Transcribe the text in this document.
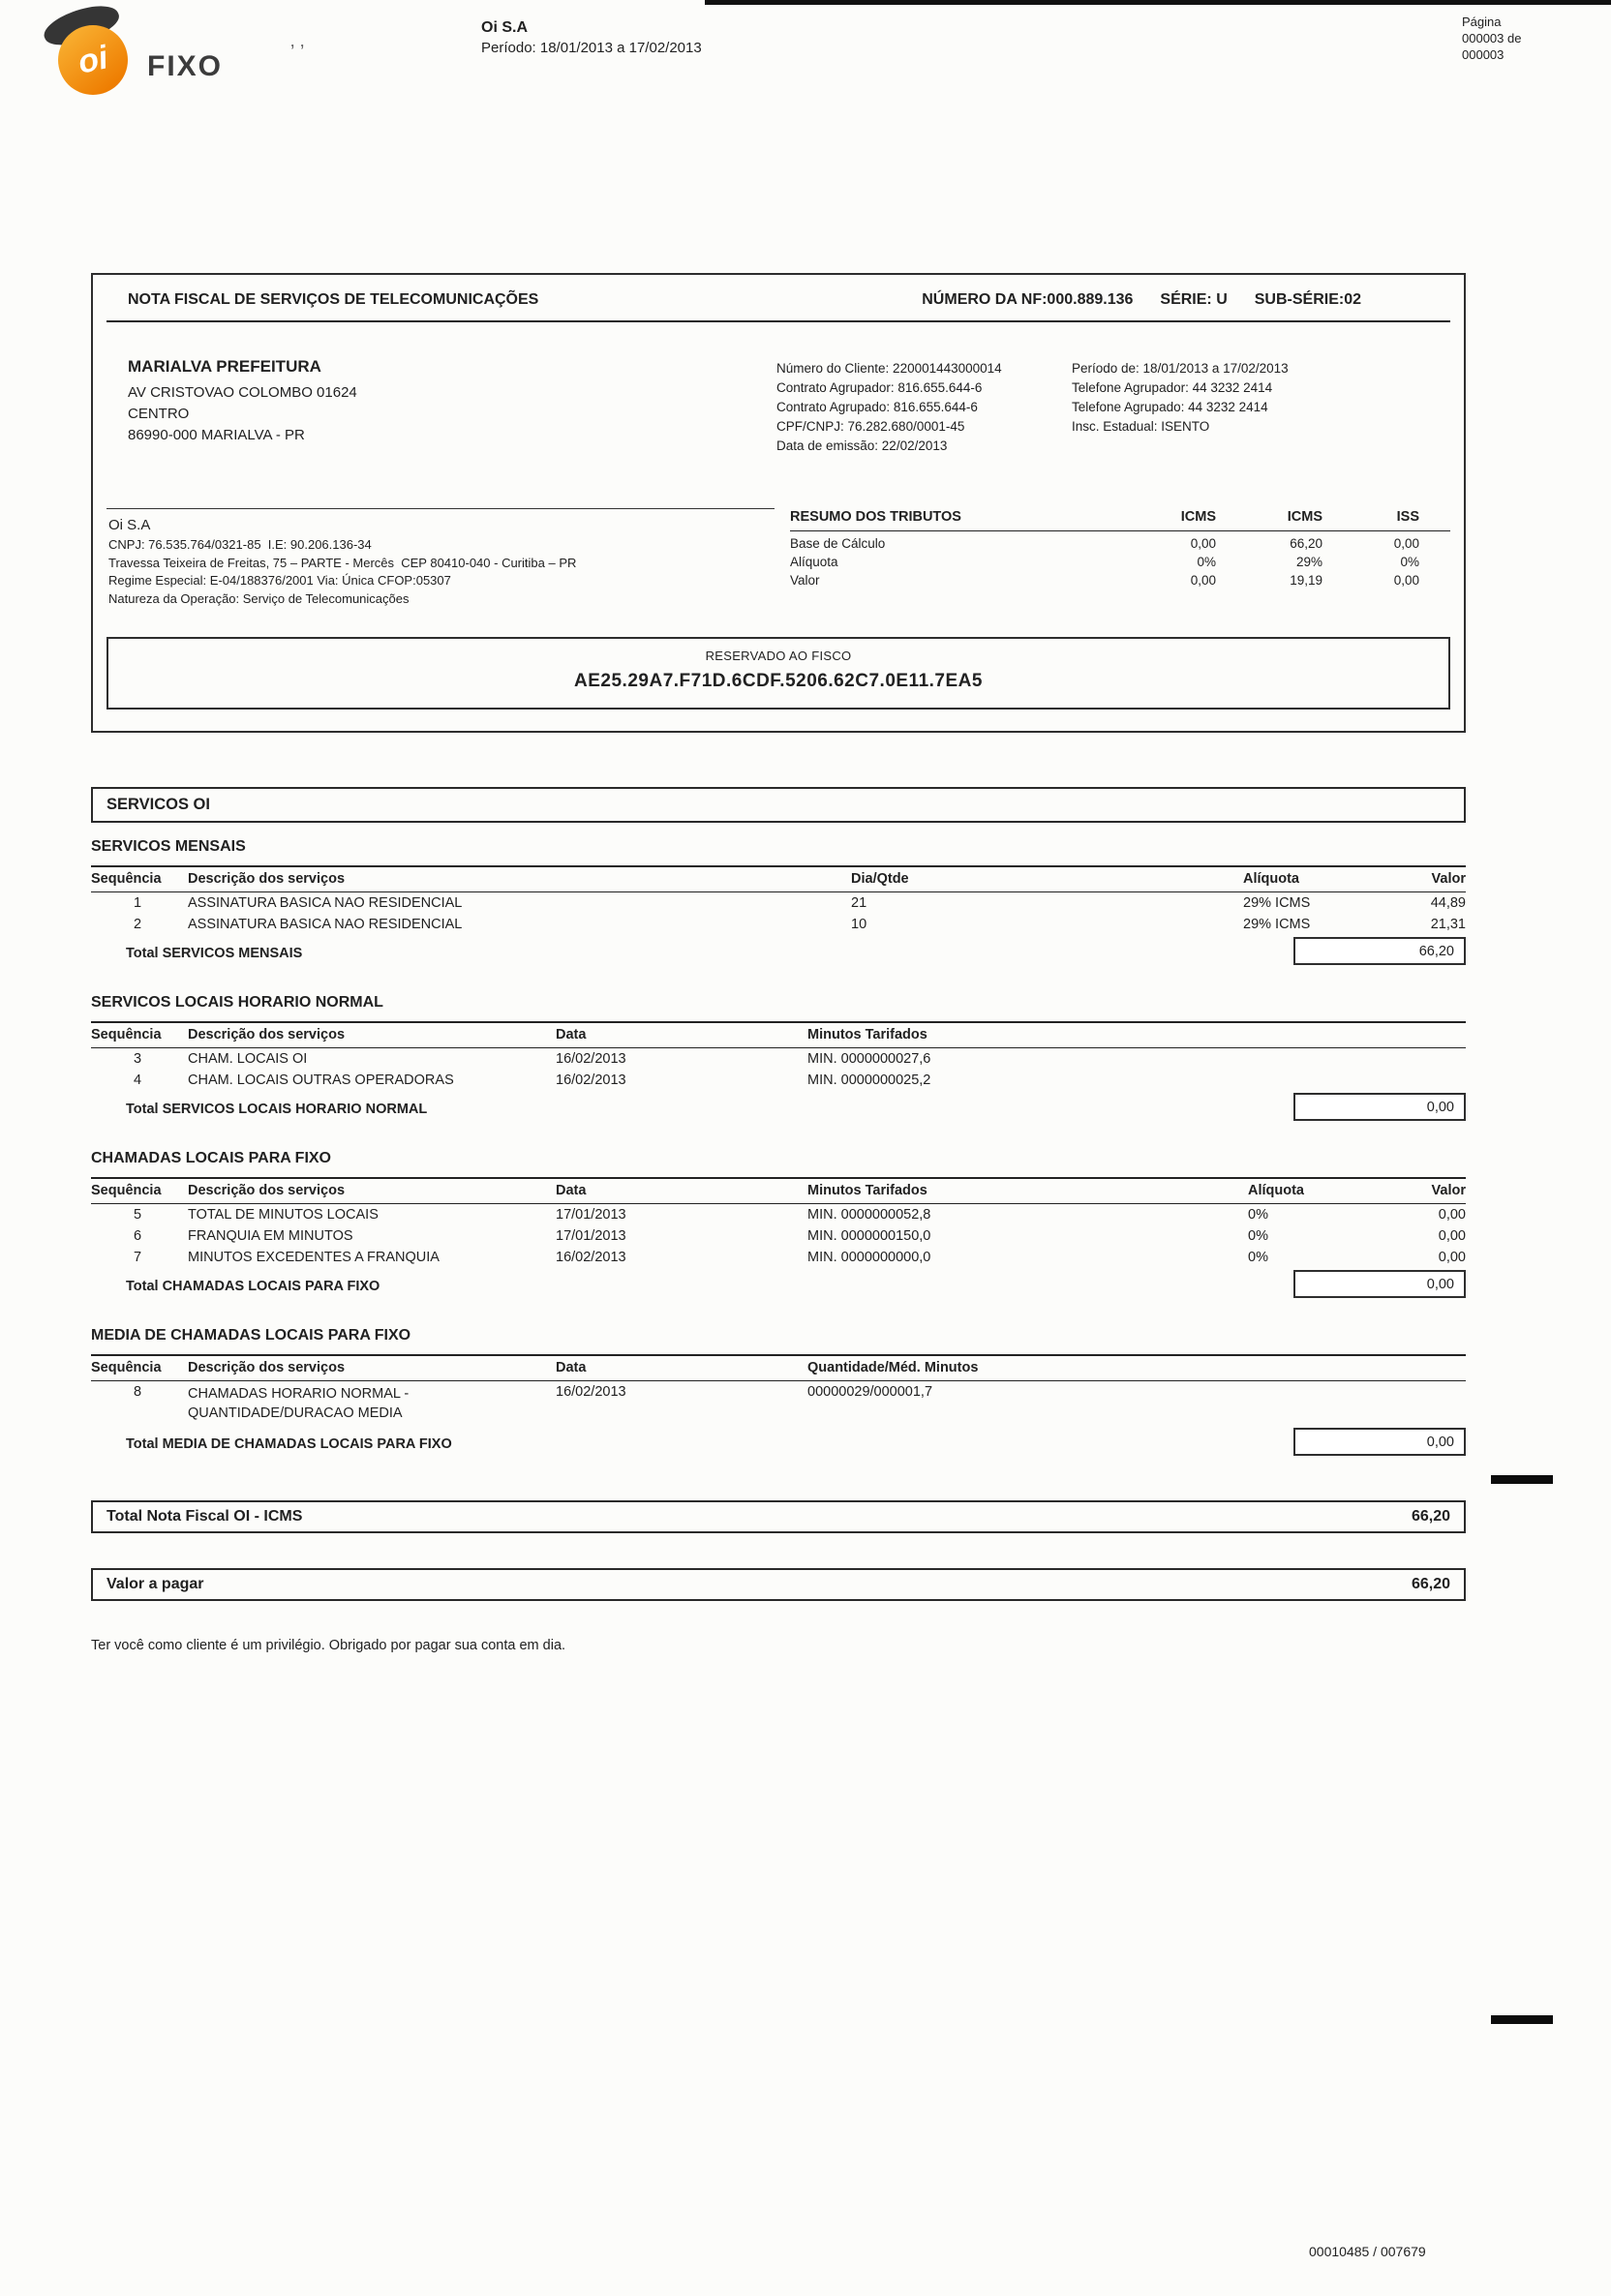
oi FIXO	ʼ ʼ
Oi S.A
Período: 18/01/2013 a 17/02/2013
Página
000003 de
000003
NOTA FISCAL DE SERVIÇOS DE TELECOMUNICAÇÕES	NÚMERO DA NF:000.889.136 SÉRIE: U SUB-SÉRIE:02
MARIALVA PREFEITURA
AV CRISTOVAO COLOMBO 01624
CENTRO
86990-000 MARIALVA - PR
Número do Cliente: 220001443000014
Contrato Agrupador: 816.655.644-6
Contrato Agrupado: 816.655.644-6
CPF/CNPJ: 76.282.680/0001-45
Data de emissão: 22/02/2013
Período de: 18/01/2013 a 17/02/2013
Telefone Agrupador: 44 3232 2414
Telefone Agrupado: 44 3232 2414
Insc. Estadual: ISENTO
Oi S.A
CNPJ: 76.535.764/0321-85  I.E: 90.206.136-34
Travessa Teixeira de Freitas, 75 – PARTE - Mercês  CEP 80410-040 - Curitiba – PR
Regime Especial: E-04/188376/2001 Via: Única CFOP:05307
Natureza da Operação: Serviço de Telecomunicações
RESUMO DOS TRIBUTOS	ICMS	ICMS	ISS
Base de Cálculo	0,00	66,20	0,00
Alíquota	0%	29%	0%
Valor	0,00	19,19	0,00
RESERVADO AO FISCO
AE25.29A7.F71D.6CDF.5206.62C7.0E11.7EA5
SERVICOS OI
SERVICOS MENSAIS
Sequência	Descrição dos serviços	Dia/Qtde	Alíquota	Valor
1	ASSINATURA BASICA NAO RESIDENCIAL	21	29% ICMS	44,89
2	ASSINATURA BASICA NAO RESIDENCIAL	10	29% ICMS	21,31
Total SERVICOS MENSAIS	66,20
SERVICOS LOCAIS HORARIO NORMAL
Sequência	Descrição dos serviços	Data	Minutos Tarifados
3	CHAM. LOCAIS OI	16/02/2013	MIN. 0000000027,6
4	CHAM. LOCAIS OUTRAS OPERADORAS	16/02/2013	MIN. 0000000025,2
Total SERVICOS LOCAIS HORARIO NORMAL	0,00
CHAMADAS LOCAIS PARA FIXO
Sequência	Descrição dos serviços	Data	Minutos Tarifados	Alíquota	Valor
5	TOTAL DE MINUTOS LOCAIS	17/01/2013	MIN. 0000000052,8	0%	0,00
6	FRANQUIA EM MINUTOS	17/01/2013	MIN. 0000000150,0	0%	0,00
7	MINUTOS EXCEDENTES A FRANQUIA	16/02/2013	MIN. 0000000000,0	0%	0,00
Total CHAMADAS LOCAIS PARA FIXO	0,00
MEDIA DE CHAMADAS LOCAIS PARA FIXO
Sequência	Descrição dos serviços	Data	Quantidade/Méd. Minutos
8	CHAMADAS HORARIO NORMAL -
QUANTIDADE/DURACAO MEDIA
16/02/2013	00000029/000001,7
Total MEDIA DE CHAMADAS LOCAIS PARA FIXO	0,00
Total Nota Fiscal OI - ICMS	66,20
Valor a pagar	66,20

Ter você como cliente é um privilégio. Obrigado por pagar sua conta em dia.

00010485 / 007679
